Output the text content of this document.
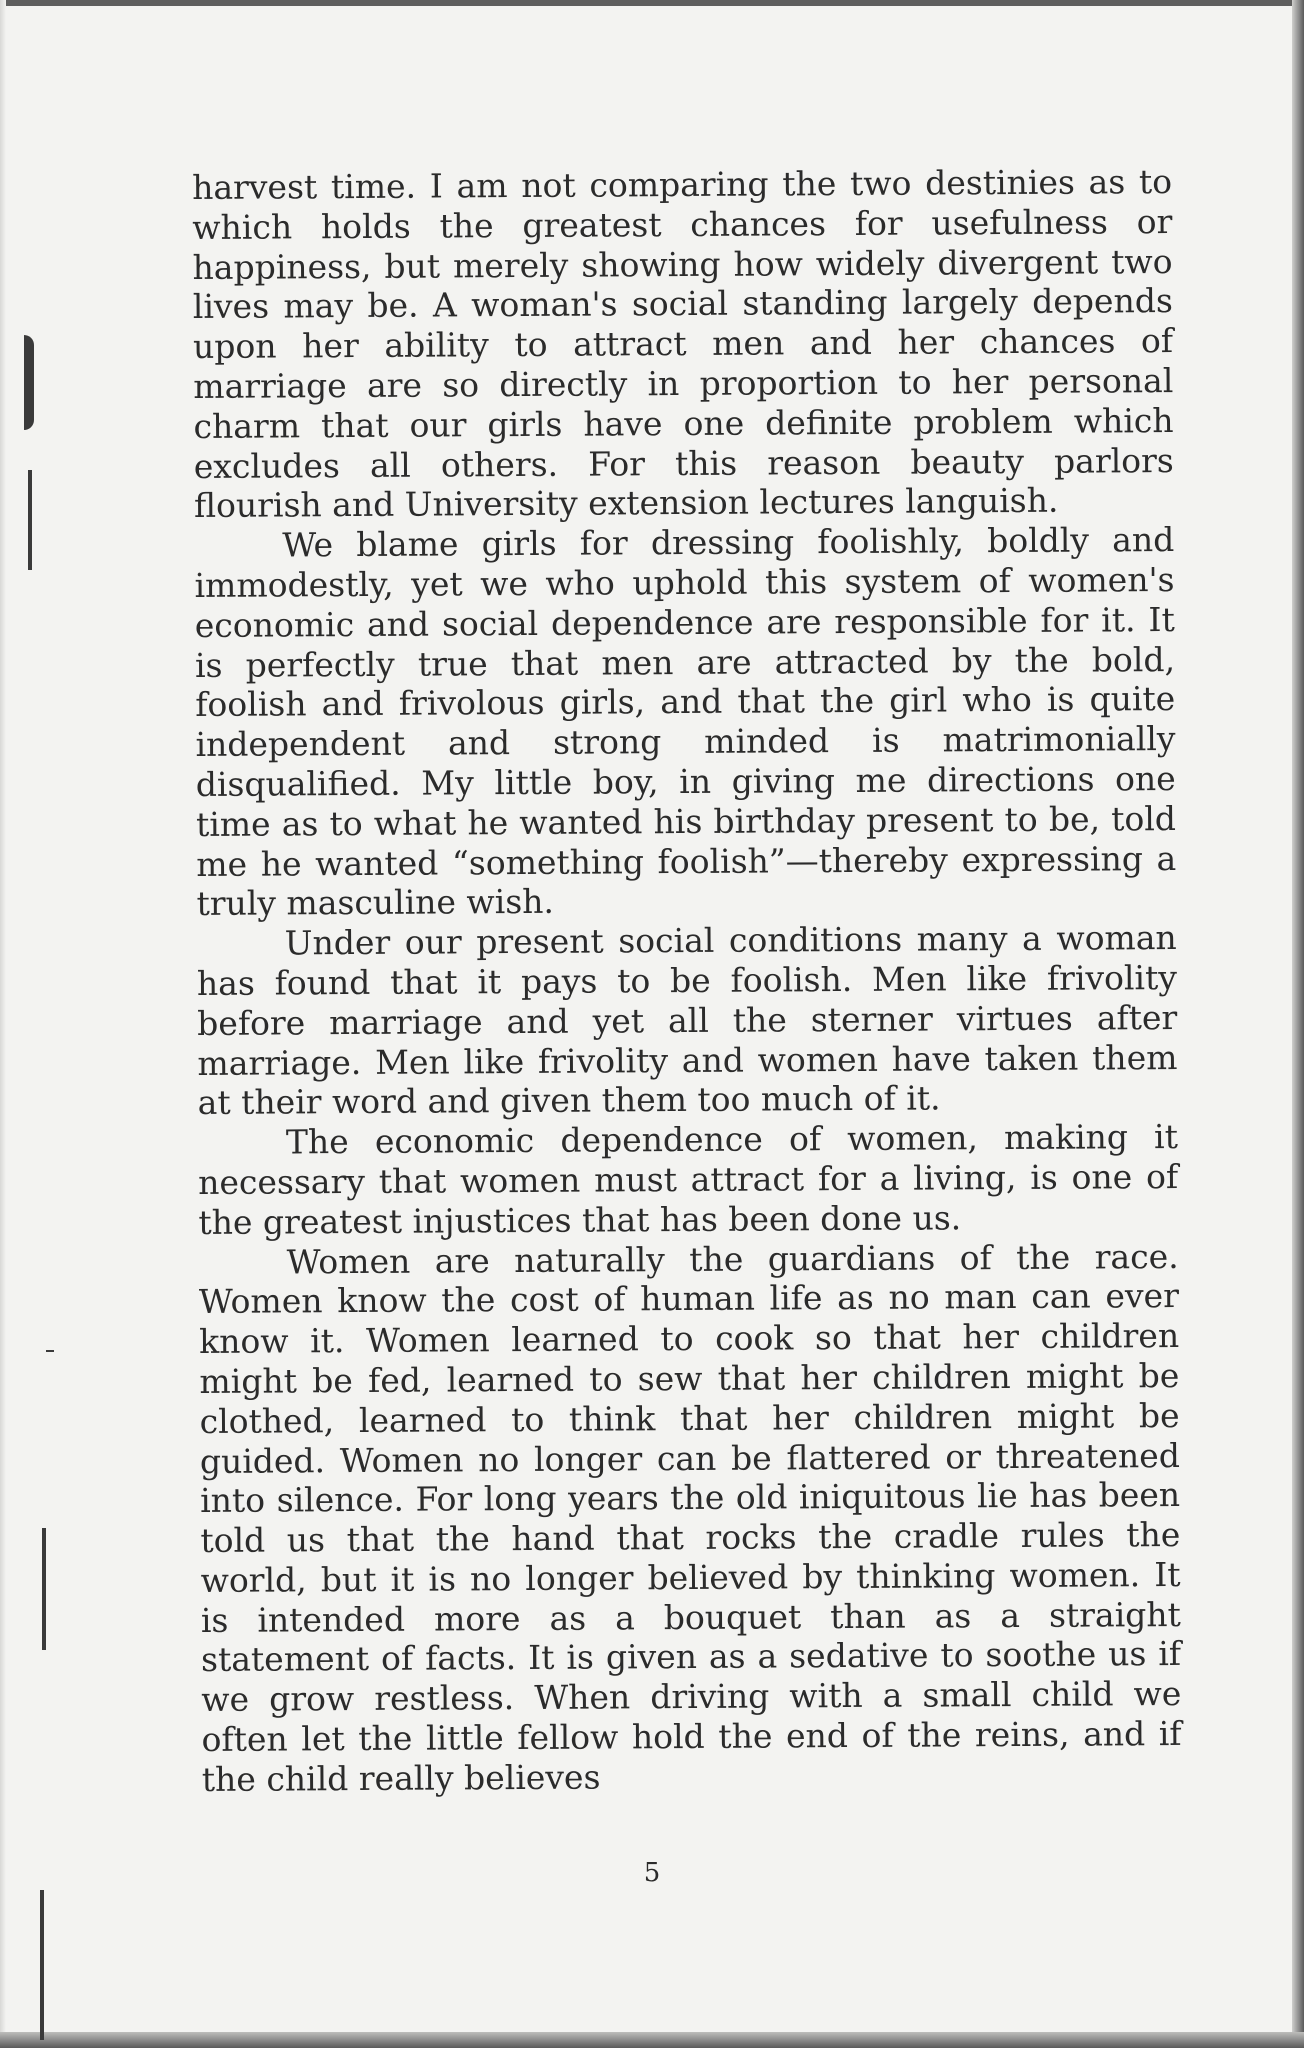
harvest time. I am not comparing the two destinies as to which holds the greatest chances for usefulness or happiness, but merely showing how widely divergent two lives may be. A woman's social standing largely depends upon her ability to attract men and her chances of marriage are so directly in proportion to her personal charm that our girls have one definite problem which excludes all others. For this reason beauty parlors flourish and University extension lectures languish.

We blame girls for dressing foolishly, boldly and immodestly, yet we who uphold this system of women's economic and social dependence are responsible for it. It is perfectly true that men are attracted by the bold, foolish and frivolous girls, and that the girl who is quite independent and strong minded is matrimonially disqualified. My little boy, in giving me directions one time as to what he wanted his birthday present to be, told me he wanted “something foolish”—thereby expressing a truly masculine wish.

Under our present social conditions many a woman has found that it pays to be foolish. Men like frivolity before marriage and yet all the sterner virtues after marriage. Men like frivolity and women have taken them at their word and given them too much of it.

The economic dependence of women, making it necessary that women must attract for a living, is one of the greatest injustices that has been done us.

Women are naturally the guardians of the race. Women know the cost of human life as no man can ever know it. Women learned to cook so that her children might be fed, learned to sew that her children might be clothed, learned to think that her children might be guided. Women no longer can be flattered or threatened into silence. For long years the old iniquitous lie has been told us that the hand that rocks the cradle rules the world, but it is no longer believed by thinking women. It is intended more as a bouquet than as a straight statement of facts. It is given as a sedative to soothe us if we grow restless. When driving with a small child we often let the little fellow hold the end of the reins, and if the child really believes

5
